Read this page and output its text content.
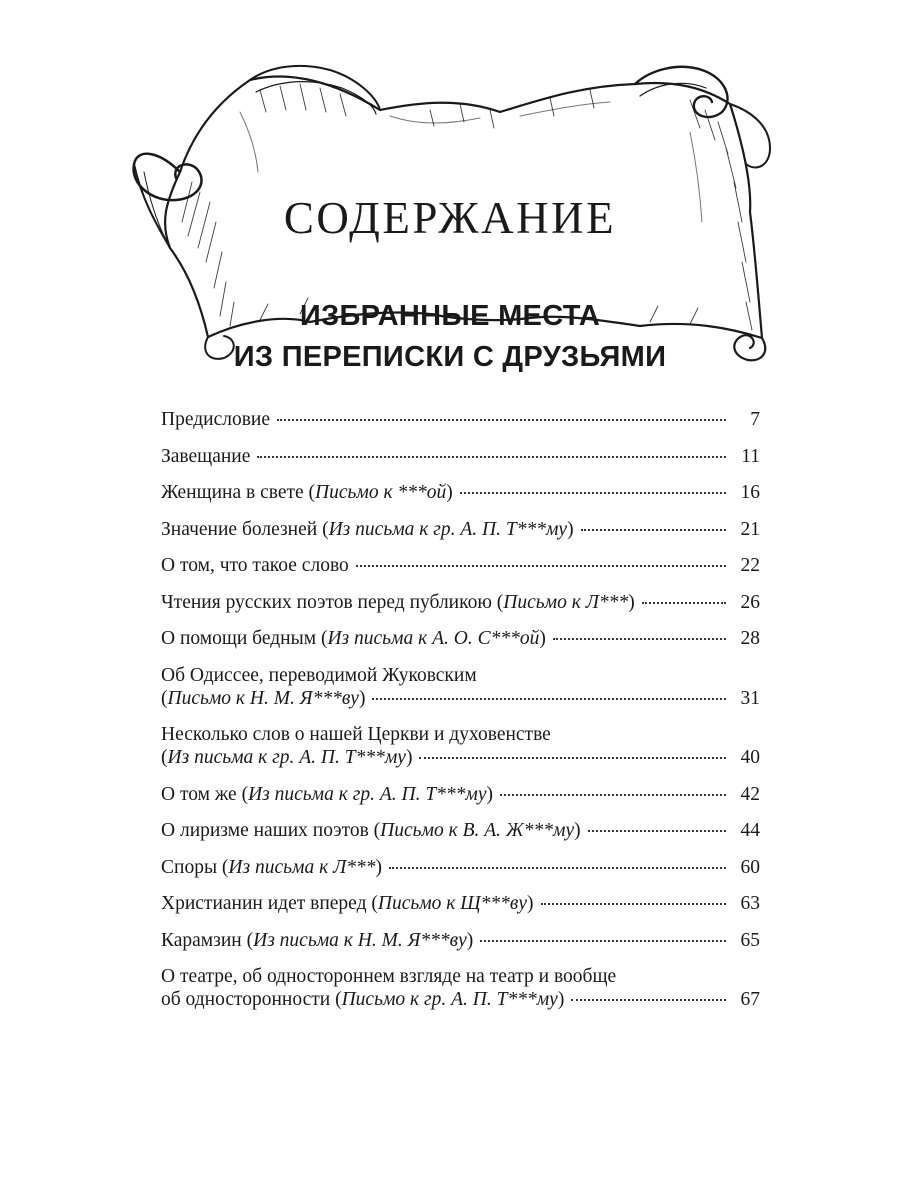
СОДЕРЖАНИЕ
ИЗБРАННЫЕ МЕСТА
ИЗ ПЕРЕПИСКИ С ДРУЗЬЯМИ
Предисловие	7
Завещание	11
Женщина в свете (Письмо к ***ой)	16
Значение болезней (Из письма к гр. А. П. Т***му)	21
О том, что такое слово	22
Чтения русских поэтов перед публикою (Письмо к Л***)	26
О помощи бедным (Из письма к А. О. С***ой)	28
Об Одиссее, переводимой Жуковским
(Письмо к Н. М. Я***ву)	31
Несколько слов о нашей Церкви и духовенстве
(Из письма к гр. А. П. Т***му)	40
О том же (Из письма к гр. А. П. Т***му)	42
О лиризме наших поэтов (Письмо к В. А. Ж***му)	44
Споры (Из письма к Л***)	60
Христианин идет вперед (Письмо к Щ***ву)	63
Карамзин (Из письма к Н. М. Я***ву)	65
О театре, об одностороннем взгляде на театр и вообще
об односторонности (Письмо к гр. А. П. Т***му)	67
